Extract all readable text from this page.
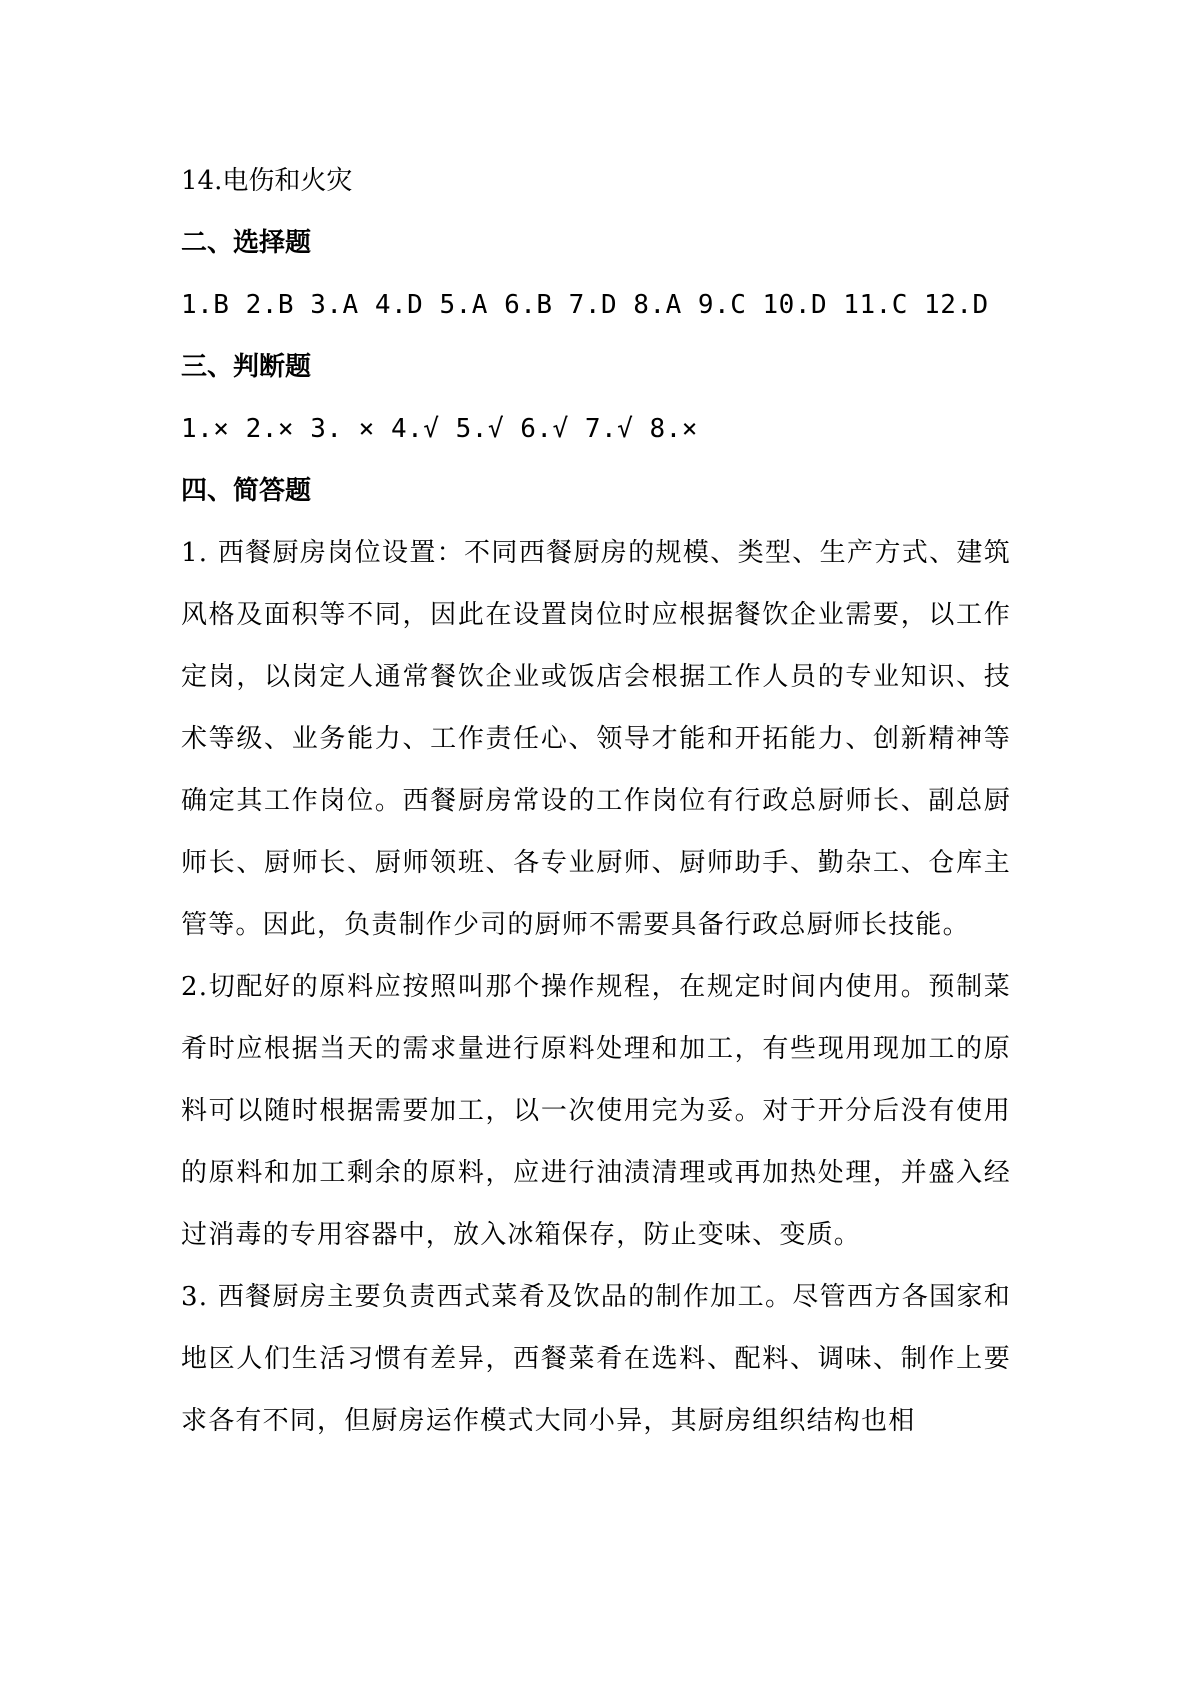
14.电伤和火灾
二、选择题
1.B 2.B 3.A 4.D 5.A 6.B 7.D 8.A 9.C 10.D 11.C 12.D
三、判断题
1.× 2.× 3. × 4.√ 5.√ 6.√ 7.√ 8.×
四、简答题

1. 西餐厨房岗位设置：不同西餐厨房的规模、类型、生产方式、建筑风格及面积等不同，因此在设置岗位时应根据餐饮企业需要，以工作定岗，以岗定人通常餐饮企业或饭店会根据工作人员的专业知识、技术等级、业务能力、工作责任心、领导才能和开拓能力、创新精神等确定其工作岗位。西餐厨房常设的工作岗位有行政总厨师长、副总厨师长、厨师长、厨师领班、各专业厨师、厨师助手、勤杂工、仓库主管等。因此，负责制作少司的厨师不需要具备行政总厨师长技能。

2.切配好的原料应按照叫那个操作规程，在规定时间内使用。预制菜肴时应根据当天的需求量进行原料处理和加工，有些现用现加工的原料可以随时根据需要加工，以一次使用完为妥。对于开分后没有使用的原料和加工剩余的原料，应进行油渍清理或再加热处理，并盛入经过消毒的专用容器中，放入冰箱保存，防止变味、变质。

3. 西餐厨房主要负责西式菜肴及饮品的制作加工。尽管西方各国家和地区人们生活习惯有差异，西餐菜肴在选料、配料、调味、制作上要求各有不同，但厨房运作模式大同小异，其厨房组织结构也相
